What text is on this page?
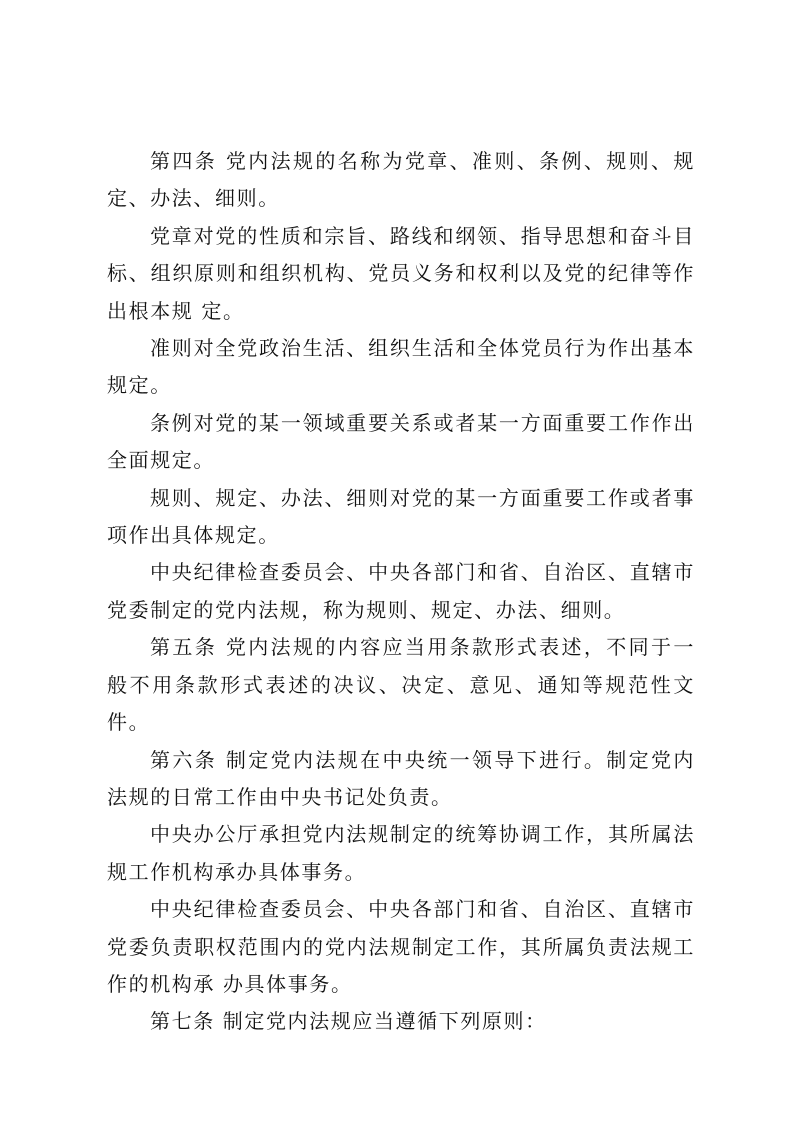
第四条 党内法规的名称为党章、准则、条例、规则、规定、办法、细则。

党章对党的性质和宗旨、路线和纲领、指导思想和奋斗目标、组织原则和组织机构、党员义务和权利以及党的纪律等作出根本规 定。

准则对全党政治生活、组织生活和全体党员行为作出基本规定。

条例对党的某一领域重要关系或者某一方面重要工作作出全面规定。

规则、规定、办法、细则对党的某一方面重要工作或者事项作出具体规定。

中央纪律检查委员会、中央各部门和省、自治区、直辖市党委制定的党内法规，称为规则、规定、办法、细则。

第五条 党内法规的内容应当用条款形式表述，不同于一般不用条款形式表述的决议、决定、意见、通知等规范性文件。

第六条 制定党内法规在中央统一领导下进行。制定党内法规的日常工作由中央书记处负责。

中央办公厅承担党内法规制定的统筹协调工作，其所属法规工作机构承办具体事务。

中央纪律检查委员会、中央各部门和省、自治区、直辖市党委负责职权范围内的党内法规制定工作，其所属负责法规工作的机构承 办具体事务。

第七条 制定党内法规应当遵循下列原则：
